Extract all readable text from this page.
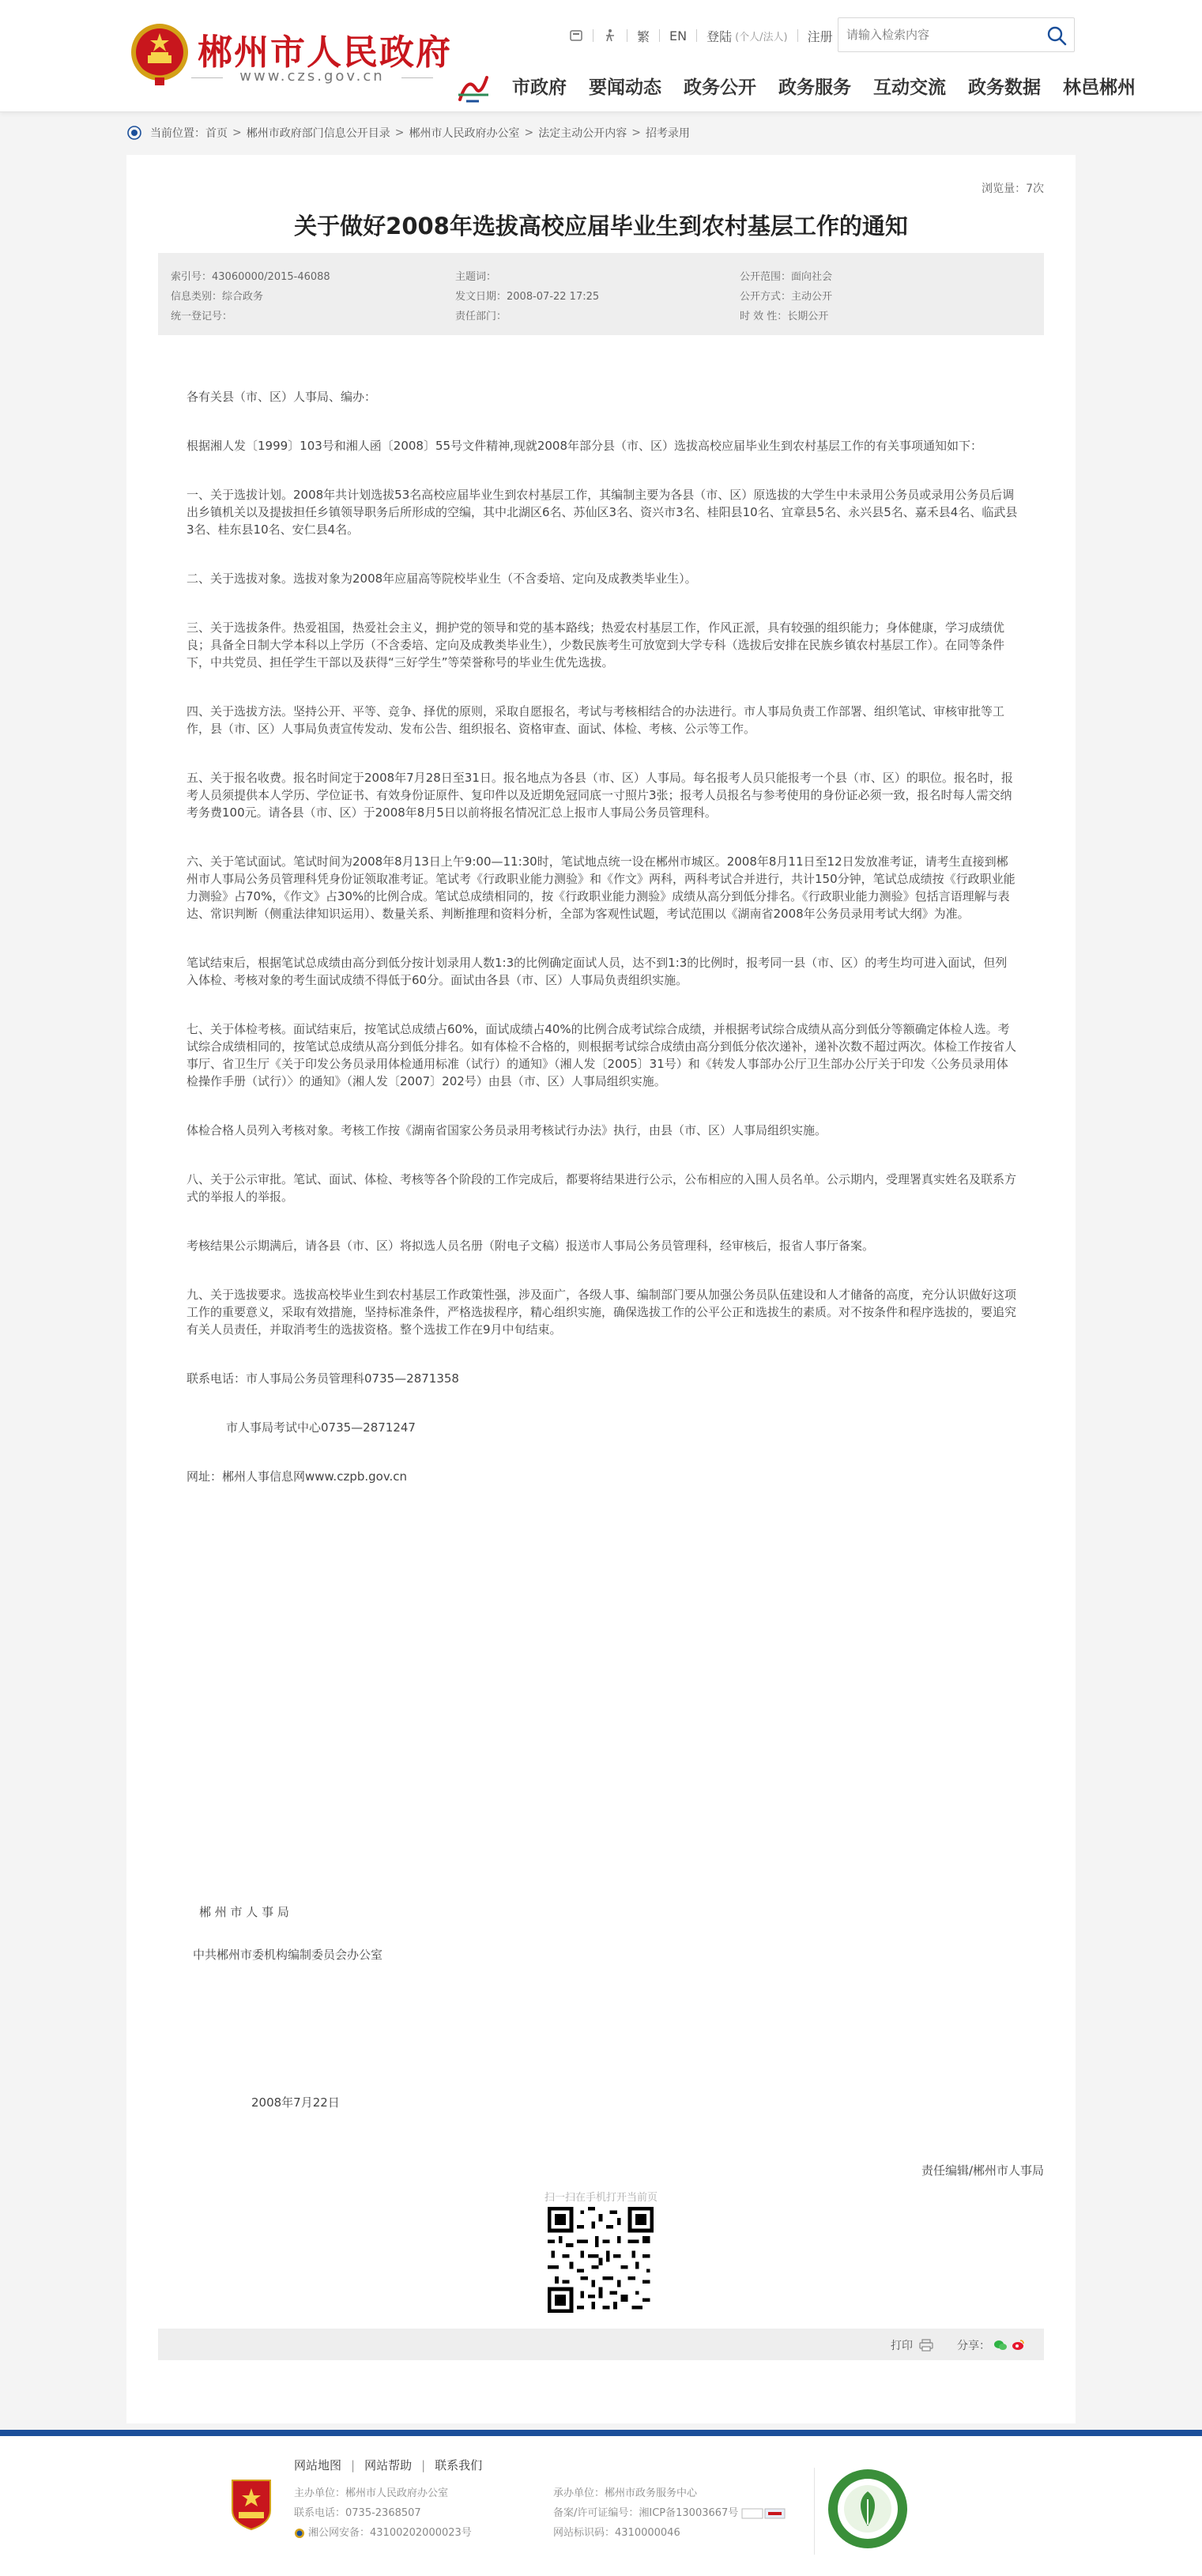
郴州市人民政府
www.czs.gov.cn
繁 EN 登陆 (个人/法人) 注册
请输入检索内容
市政府 要闻动态 政务公开 政务服务 互动交流 政务数据 林邑郴州
当前位置： 首页 > 郴州市政府部门信息公开目录 > 郴州市人民政府办公室 > 法定主动公开内容 > 招考录用
浏览量：7次
关于做好2008年选拔高校应届毕业生到农村基层工作的通知
索引号：43060000/2015-46088	主题词：	公开范围：面向社会
信息类别：综合政务	发文日期：2008-07-22 17:25	公开方式：主动公开
统一登记号：	责任部门：	时 效 性：长期公开

各有关县（市、区）人事局、编办：

根据湘人发〔1999〕103号和湘人函〔2008〕55号文件精神,现就2008年部分县（市、区）选拔高校应届毕业生到农村基层工作的有关事项通知如下：

一、关于选拔计划。2008年共计划选拔53名高校应届毕业生到农村基层工作，其编制主要为各县（市、区）原选拔的大学生中未录用公务员或录用公务员后调出乡镇机关以及提拔担任乡镇领导职务后所形成的空编，其中北湖区6名、苏仙区3名、资兴市3名、桂阳县10名、宜章县5名、永兴县5名、嘉禾县4名、临武县3名、桂东县10名、安仁县4名。

二、关于选拔对象。选拔对象为2008年应届高等院校毕业生（不含委培、定向及成教类毕业生）。

三、关于选拔条件。热爱祖国，热爱社会主义，拥护党的领导和党的基本路线；热爱农村基层工作，作风正派，具有较强的组织能力；身体健康，学习成绩优良；具备全日制大学本科以上学历（不含委培、定向及成教类毕业生），少数民族考生可放宽到大学专科（选拔后安排在民族乡镇农村基层工作）。在同等条件下，中共党员、担任学生干部以及获得“三好学生”等荣誉称号的毕业生优先选拔。

四、关于选拔方法。坚持公开、平等、竞争、择优的原则，采取自愿报名，考试与考核相结合的办法进行。市人事局负责工作部署、组织笔试、审核审批等工作，县（市、区）人事局负责宣传发动、发布公告、组织报名、资格审查、面试、体检、考核、公示等工作。

五、关于报名收费。报名时间定于2008年7月28日至31日。报名地点为各县（市、区）人事局。每名报考人员只能报考一个县（市、区）的职位。报名时，报考人员须提供本人学历、学位证书、有效身份证原件、复印件以及近期免冠同底一寸照片3张；报考人员报名与参考使用的身份证必须一致，报名时每人需交纳考务费100元。请各县（市、区）于2008年8月5日以前将报名情况汇总上报市人事局公务员管理科。

六、关于笔试面试。笔试时间为2008年8月13日上午9:00—11:30时，笔试地点统一设在郴州市城区。2008年8月11日至12日发放准考证，请考生直接到郴州市人事局公务员管理科凭身份证领取准考证。笔试考《行政职业能力测验》和《作文》两科，两科考试合并进行，共计150分钟，笔试总成绩按《行政职业能力测验》占70%，《作文》占30%的比例合成。笔试总成绩相同的，按《行政职业能力测验》成绩从高分到低分排名。《行政职业能力测验》包括言语理解与表达、常识判断（侧重法律知识运用）、数量关系、判断推理和资料分析，全部为客观性试题，考试范围以《湖南省2008年公务员录用考试大纲》为准。

笔试结束后，根据笔试总成绩由高分到低分按计划录用人数1:3的比例确定面试人员，达不到1:3的比例时，报考同一县（市、区）的考生均可进入面试，但列入体检、考核对象的考生面试成绩不得低于60分。面试由各县（市、区）人事局负责组织实施。

七、关于体检考核。面试结束后，按笔试总成绩占60%，面试成绩占40%的比例合成考试综合成绩，并根据考试综合成绩从高分到低分等额确定体检人选。考试综合成绩相同的，按笔试总成绩从高分到低分排名。如有体检不合格的，则根据考试综合成绩由高分到低分依次递补，递补次数不超过两次。体检工作按省人事厅、省卫生厅《关于印发公务员录用体检通用标准（试行）的通知》（湘人发〔2005〕31号）和《转发人事部办公厅卫生部办公厅关于印发〈公务员录用体检操作手册（试行）〉的通知》（湘人发〔2007〕202号）由县（市、区）人事局组织实施。

体检合格人员列入考核对象。考核工作按《湖南省国家公务员录用考核试行办法》执行，由县（市、区）人事局组织实施。

八、关于公示审批。笔试、面试、体检、考核等各个阶段的工作完成后，都要将结果进行公示，公布相应的入围人员名单。公示期内，受理署真实姓名及联系方式的举报人的举报。

考核结果公示期满后，请各县（市、区）将拟选人员名册（附电子文稿）报送市人事局公务员管理科，经审核后，报省人事厅备案。

九、关于选拔要求。选拔高校毕业生到农村基层工作政策性强，涉及面广，各级人事、编制部门要从加强公务员队伍建设和人才储备的高度，充分认识做好这项工作的重要意义，采取有效措施，坚持标准条件，严格选拔程序，精心组织实施，确保选拔工作的公平公正和选拔生的素质。对不按条件和程序选拔的，要追究有关人员责任，并取消考生的选拔资格。整个选拔工作在9月中旬结束。

联系电话：市人事局公务员管理科0735—2871358

市人事局考试中心0735—2871247

网址：郴州人事信息网www.czpb.gov.cn

郴 州 市 人 事 局
中共郴州市委机构编制委员会办公室
2008年7月22日
责任编辑/郴州市人事局
扫一扫在手机打开当前页
打印	分享：
网站地图 | 网站帮助 | 联系我们
主办单位：郴州市人民政府办公室
联系电话：0735-2368507
湘公网安备：43100202000023号
承办单位：郴州市政务服务中心
备案/许可证编号：湘ICP备13003667号
网站标识码：4310000046
